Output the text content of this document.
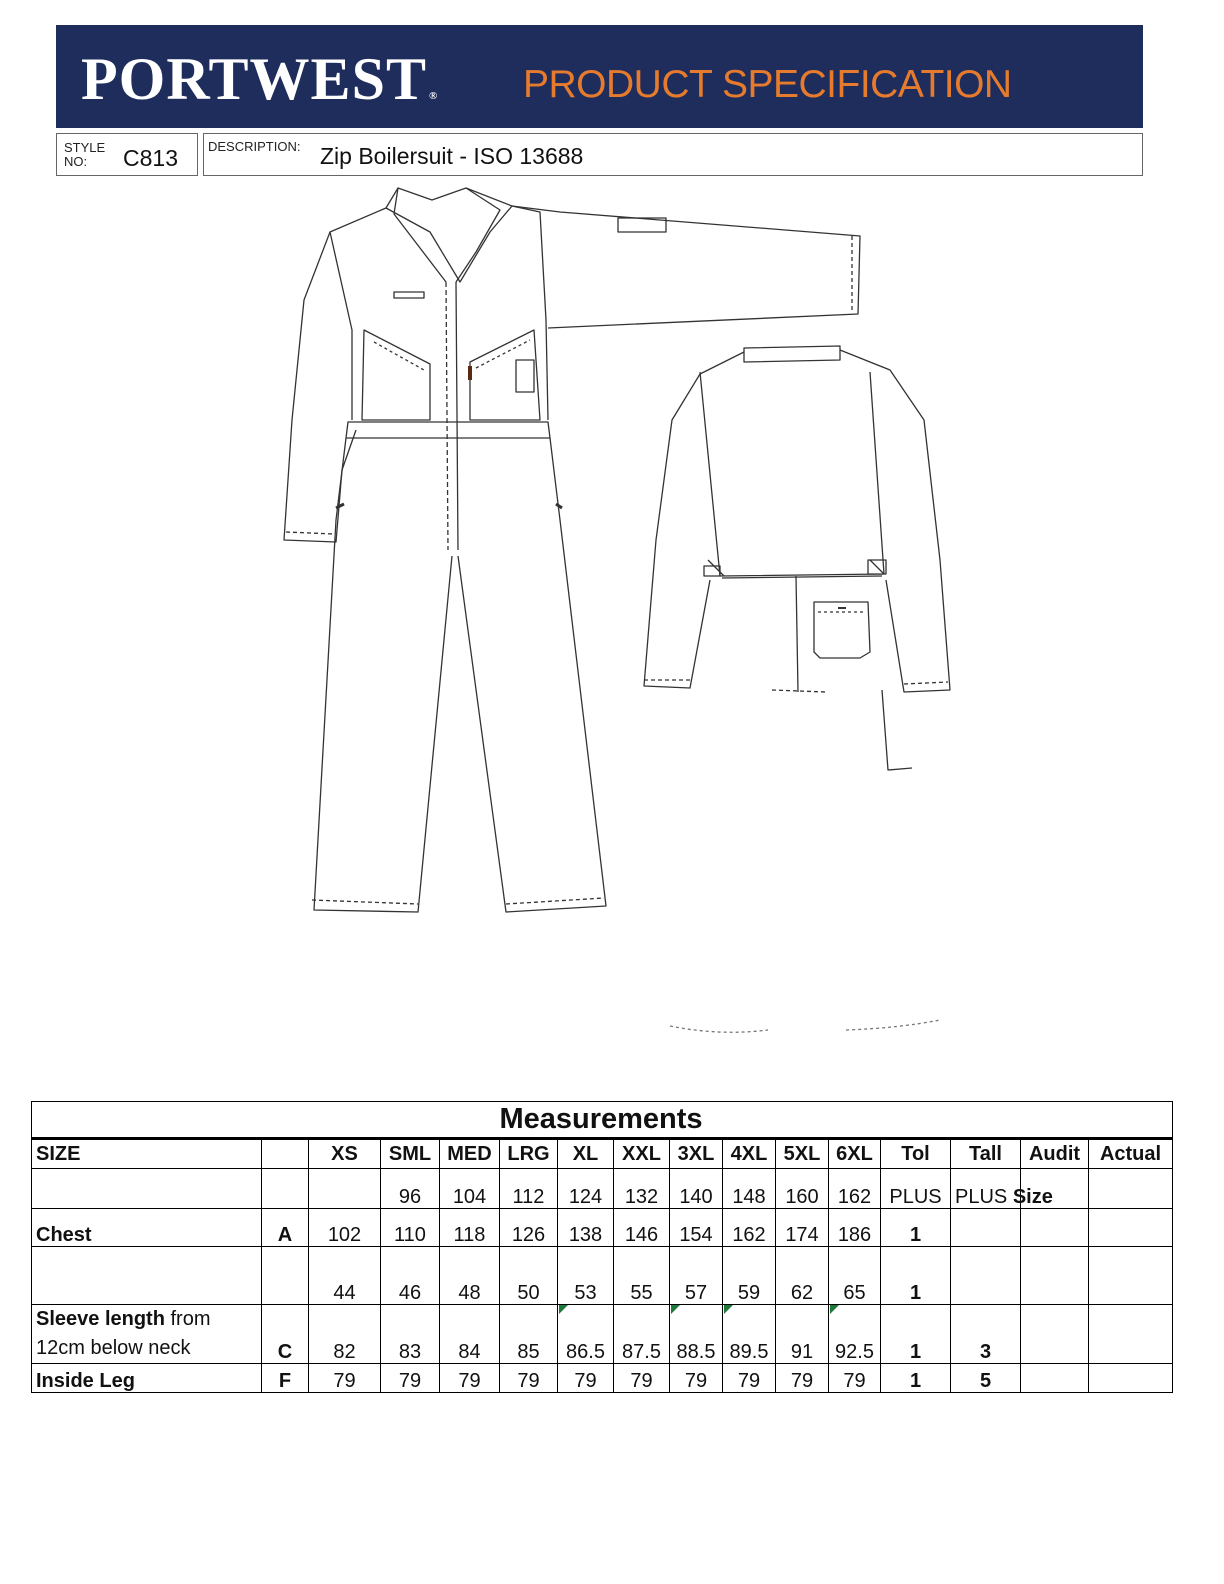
PORTWEST ® PRODUCT SPECIFICATION
STYLE
NO:	C813 DESCRIPTION: Zip Boilersuit - ISO 13688

SIZE		XS	SML	MED	LRG	XL	XXL	3XL	4XL	5XL	6XL	Tol	Tall	Audit	Actual
			96	104	112	124	132	140	148	160	162	PLUS	PLUS Size		
Chest	A	102	110	118	126	138	146	154	162	174	186	1			
		44	46	48	50	53	55	57	59	62	65	1			
Sleeve length from
12cm below neck	C	82	83	84	85	86.5	87.5	88.5	89.5	91	92.5	1	3		
Inside Leg	F	79	79	79	79	79	79	79	79	79	79	1	5		
Measurements
